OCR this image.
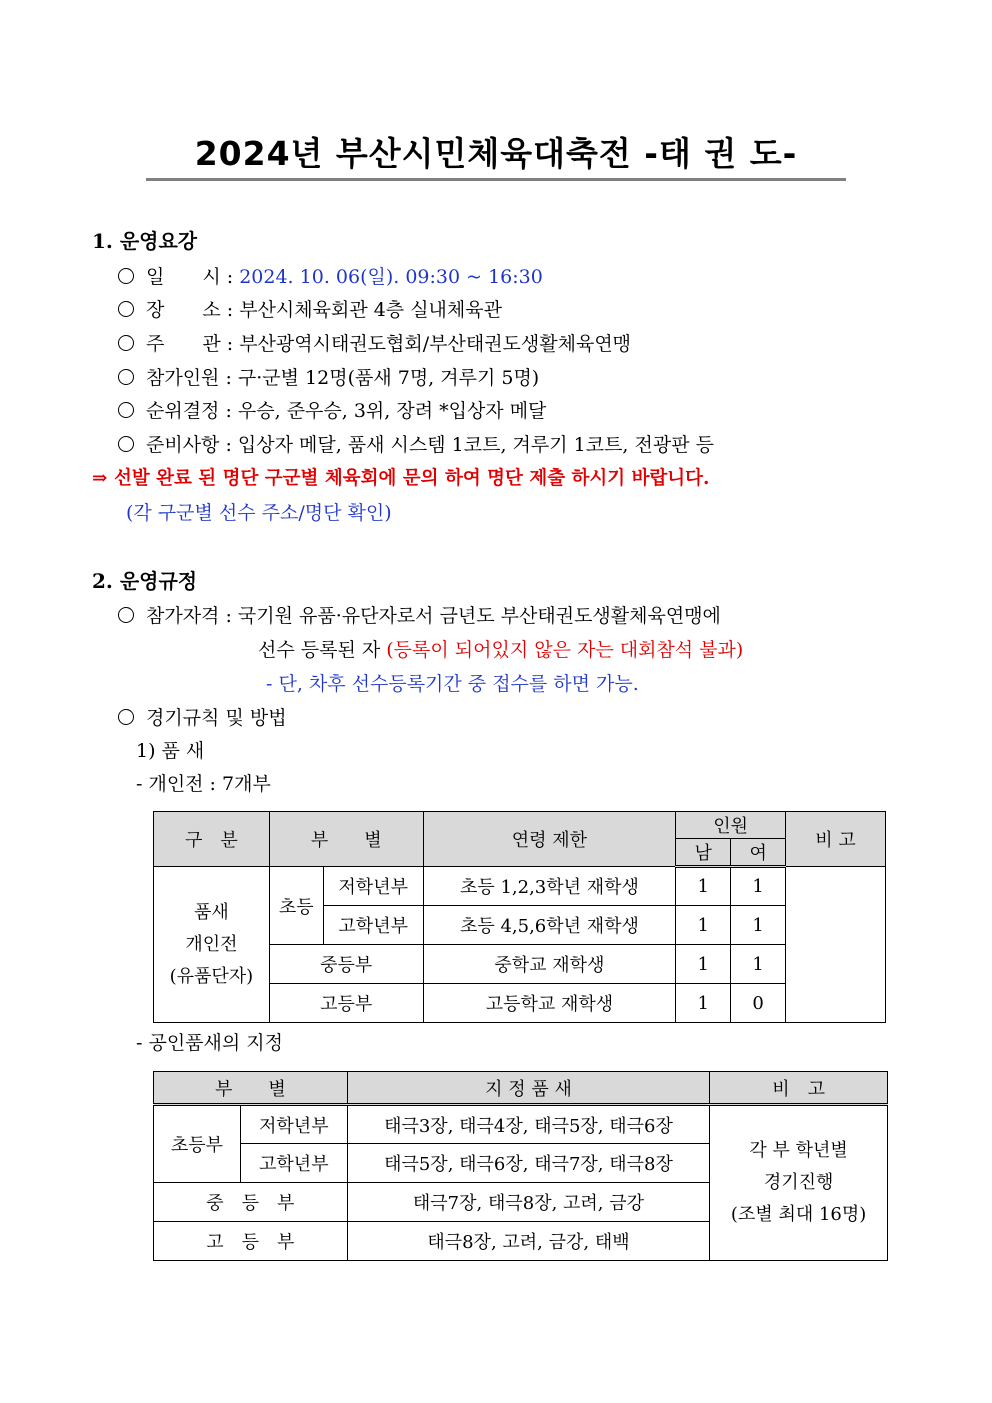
2024년 부산시민체육대축전 -태 권 도-
1. 운영요강
일　　시 : 2024. 10. 06(일). 09:30 ~ 16:30
장　　소 : 부산시체육회관 4층 실내체육관
주　　관 : 부산광역시태권도협회/부산태권도생활체육연맹
참가인원 : 구·군별 12명(품새 7명, 겨루기 5명)
순위결정 : 우승, 준우승, 3위, 장려 *입상자 메달
준비사항 : 입상자 메달, 품새 시스템 1코트, 겨루기 1코트, 전광판 등
⇒ 선발 완료 된 명단 구군별 체육회에 문의 하여 명단 제출 하시기 바랍니다.
(각 구군별 선수 주소/명단 확인)
2. 운영규정
참가자격 : 국기원 유품·유단자로서 금년도 부산태권도생활체육연맹에
선수 등록된 자 (등록이 되어있지 않은 자는 대회참석 불과)
- 단, 차후 선수등록기간 중 접수를 하면 가능.
경기규칙 및 방법
1) 품 새
- 개인전 : 7개부
구　분	부　　별		연령 제한	인원		비 고
				남	여	

품새
개인전
(유품단자)	초등	저학년부	초등 1,2,3학년 재학생	1	1	
		고학년부	초등 4,5,6학년 재학생	1	1	
	중등부		중학교 재학생	1	1	
	고등부		고등학교 재학생	1	0	
- 공인품새의 지정
부　　별		지 정 품 새	비　고
초등부	저학년부	태극3장, 태극4장, 태극5장, 태극6장	각 부 학년별
경기진행
(조별 최대 16명)

	고학년부	태극5장, 태극6장, 태극7장, 태극8장	
중　등　부		태극7장, 태극8장, 고려, 금강	
고　등　부		태극8장, 고려, 금강, 태백	
